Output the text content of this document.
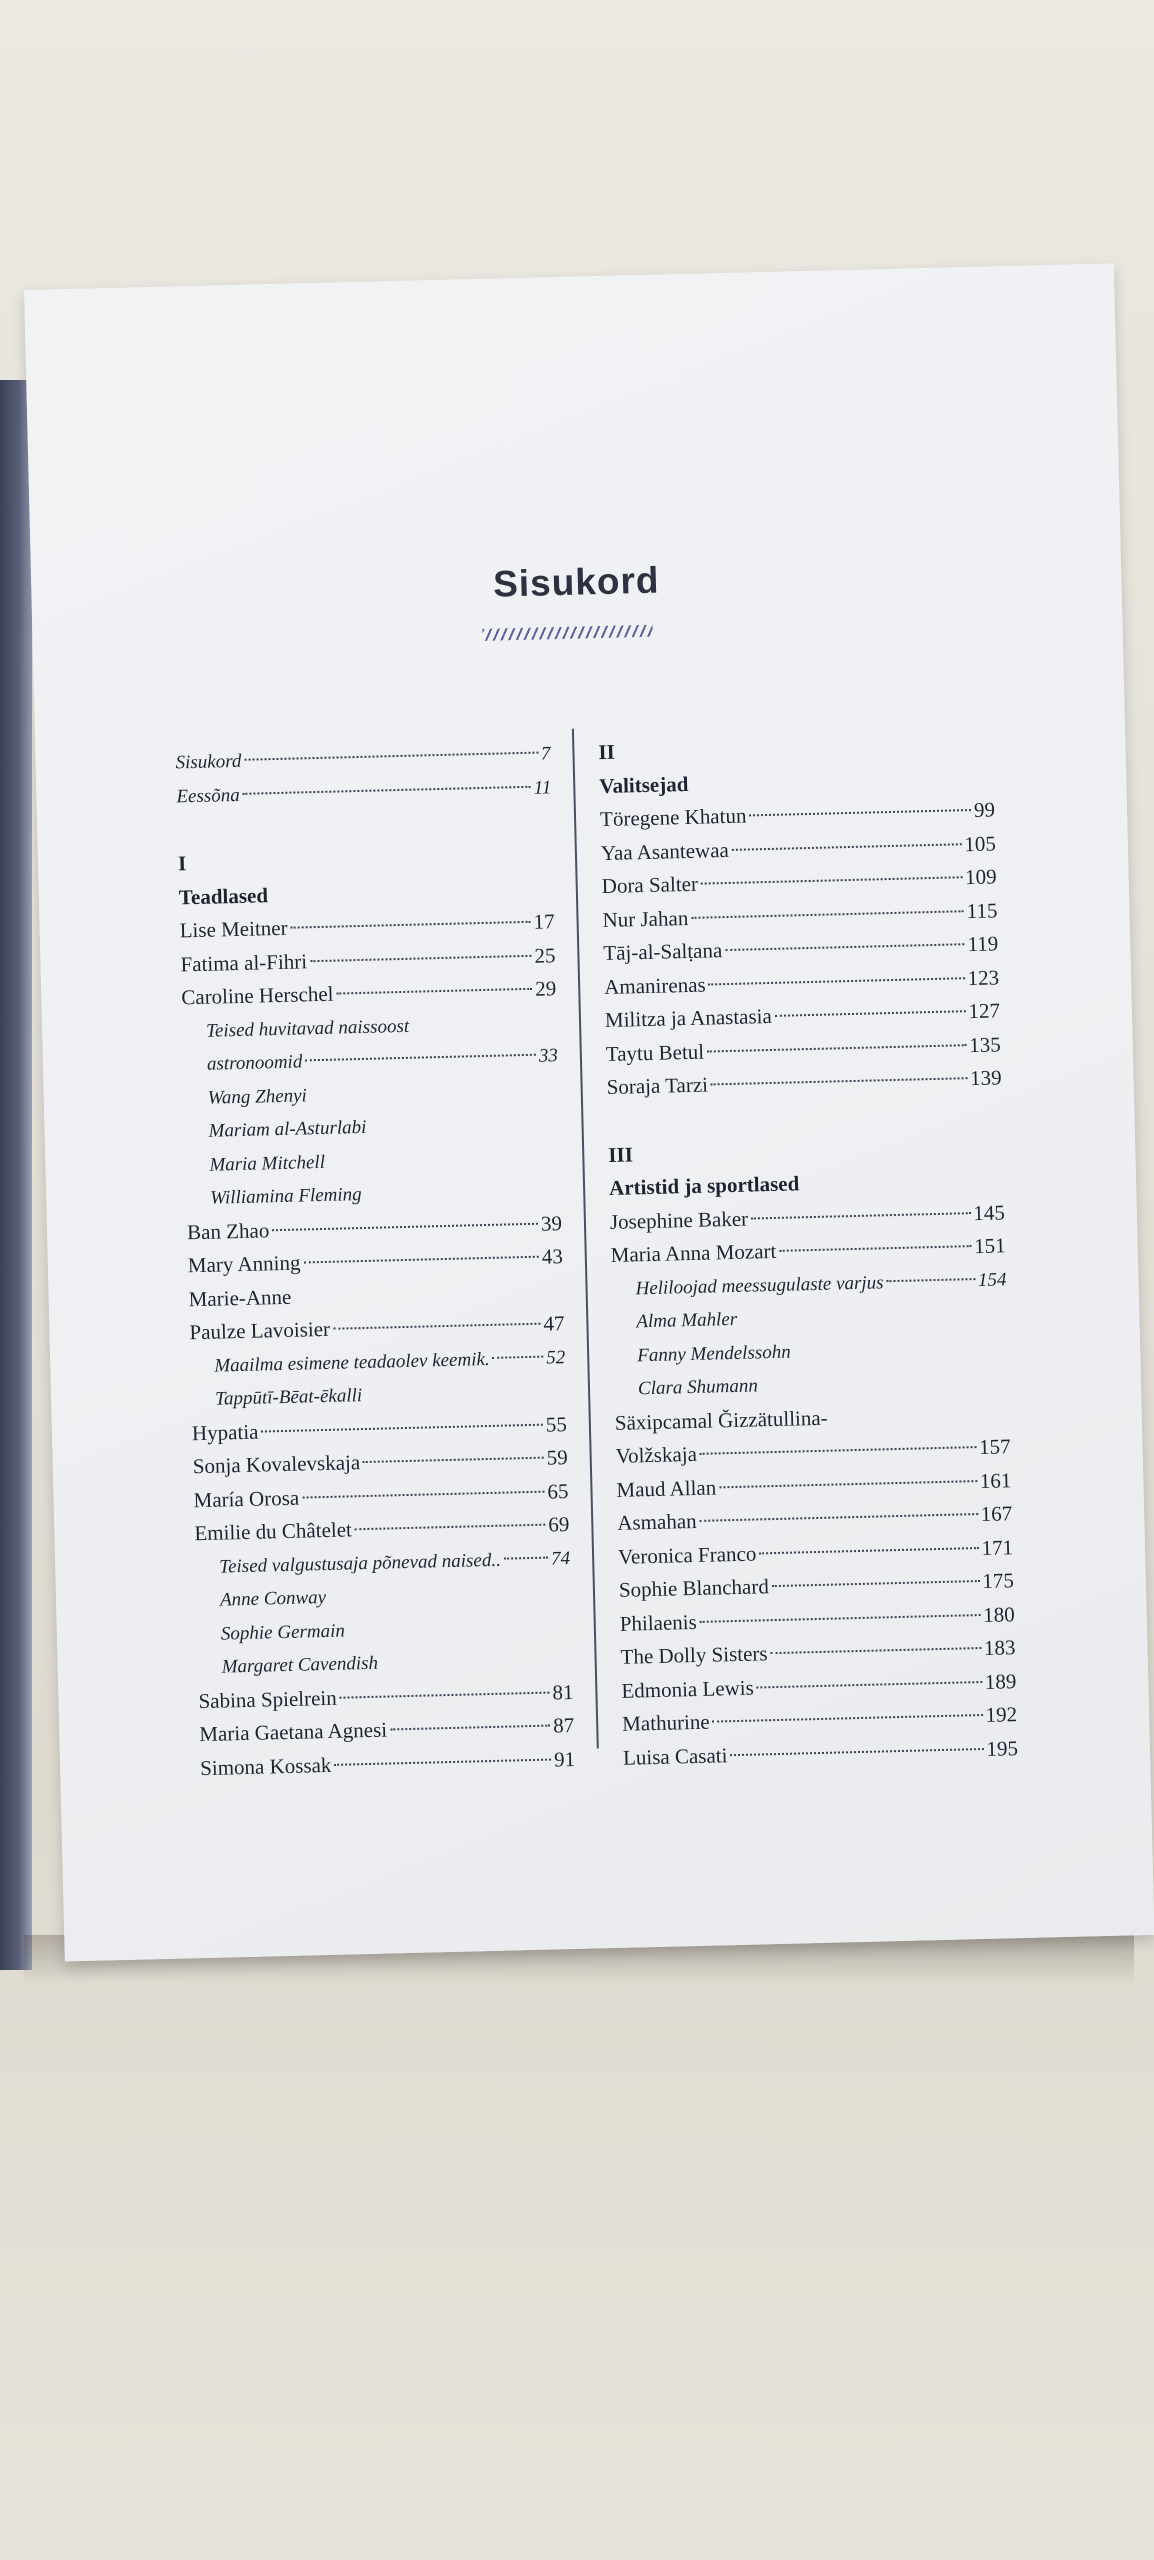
Sisukord
Sisukord	7
Eessõna	11
I
Teadlased
Lise Meitner	17
Fatima al-Fihri	25
Caroline Herschel	29
Teised huvitavad naissoost
astronoomid	33
Wang Zhenyi
Mariam al-Asturlabi
Maria Mitchell
Williamina Fleming
Ban Zhao	39
Mary Anning	43
Marie-Anne
Paulze Lavoisier	47
Maailma esimene teadaolev keemik.	52
Tappūtī-Bēat-ēkalli
Hypatia	55
Sonja Kovalevskaja	59
María Orosa	65
Emilie du Châtelet	69
Teised valgustusaja põnevad naised..	74
Anne Conway
Sophie Germain
Margaret Cavendish
Sabina Spielrein	81
Maria Gaetana Agnesi	87
Simona Kossak	91
II
Valitsejad
Töregene Khatun	99
Yaa Asantewaa	105
Dora Salter	109
Nur Jahan	115
Tāj-al-Salṭana	119
Amanirenas	123
Militza ja Anastasia	127
Taytu Betul	135
Soraja Tarzi	139
III
Artistid ja sportlased
Josephine Baker	145
Maria Anna Mozart	151
Heliloojad meessugulaste varjus	154
Alma Mahler
Fanny Mendelssohn
Clara Shumann
Säxipcamal Ğizzätullina-
Volžskaja	157
Maud Allan	161
Asmahan	167
Veronica Franco	171
Sophie Blanchard	175
Philaenis	180
The Dolly Sisters	183
Edmonia Lewis	189
Mathurine	192
Luisa Casati	195
